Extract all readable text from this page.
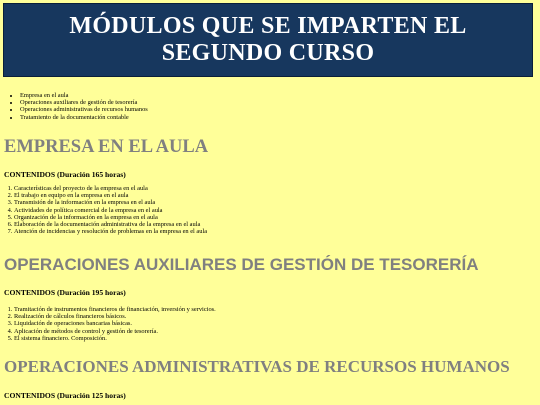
MÓDULOS QUE SE IMPARTEN EL
SEGUNDO CURSO
• Empresa en el aula
• Operaciones auxiliares de gestión de tesorería
• Operaciones administrativas de recursos humanos
• Tratamiento de la documentación contable
EMPRESA EN EL AULA
CONTENIDOS (Duración 165 horas)
1. Características del proyecto de la empresa en el aula
2. El trabajo en equipo en la empresa en el aula
3. Transmisión de la información en la empresa en el aula
4. Actividades de política comercial de la empresa en el aula
5. Organización de la información en la empresa en el aula
6. Elaboración de la documentación administrativa de la empresa en el aula
7. Atención de incidencias y resolución de problemas en la empresa en el aula
OPERACIONES AUXILIARES DE GESTIÓN DE TESORERÍA
CONTENIDOS (Duración 195 horas)
1. Tramitación de instrumentos financieros de financiación, inversión y servicios.
2. Realización de cálculos financieros básicos.
3. Liquidación de operaciones bancarias básicas.
4. Aplicación de métodos de control y gestión de tesorería.
5. El sistema financiero. Composición.
OPERACIONES ADMINISTRATIVAS DE RECURSOS HUMANOS
CONTENIDOS (Duración 125 horas)
